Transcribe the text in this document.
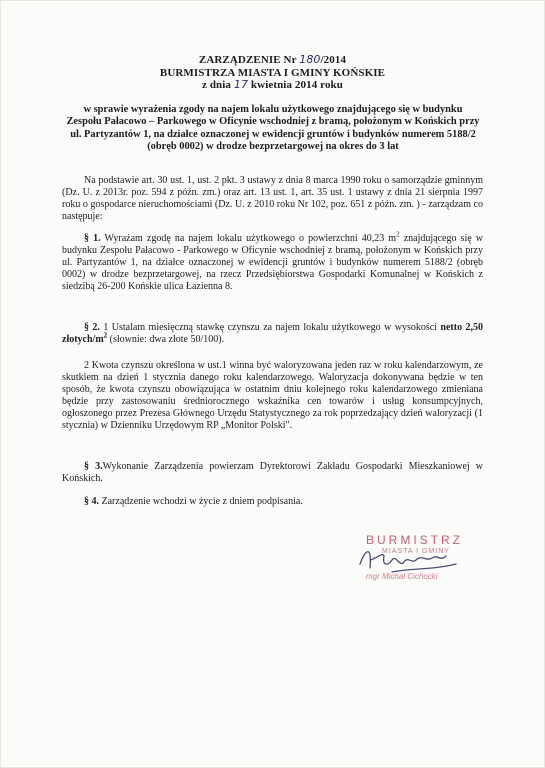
ZARZĄDZENIE Nr 180/2014
BURMISTRZA MIASTA I GMINY KOŃSKIE
z dnia 17 kwietnia 2014 roku
w sprawie wyrażenia zgody na najem lokalu użytkowego znajdującego się w budynku Zespołu Pałacowo – Parkowego w Oficynie wschodniej z bramą, położonym w Końskich przy ul. Partyzantów 1, na działce oznaczonej w ewidencji gruntów i budynków numerem 5188/2 (obręb 0002) w drodze bezprzetargowej na okres do 3 lat
Na podstawie art. 30 ust. 1, ust. 2 pkt. 3 ustawy z dnia 8 marca 1990 roku o samorządzie gminnym (Dz. U. z 2013r. poz. 594 z późn. zm.) oraz art. 13 ust. 1, art. 35 ust. 1 ustawy z dnia 21 sierpnia 1997 roku o gospodarce nieruchomościami (Dz. U. z 2010 roku Nr 102, poz. 651 z późn. zm. ) - zarządzam co następuje:
§ 1. Wyrażam zgodę na najem lokalu użytkowego o powierzchni 40,23 $m^2$ znajdującego się w budynku Zespołu Pałacowo - Parkowego w Oficynie wschodniej z bramą, położonym w Końskich przy ul. Partyzantów 1, na działce oznaczonej w ewidencji gruntów i budynków numerem 5188/2 (obręb 0002) w drodze bezprzetargowej, na rzecz Przedsiębiorstwa Gospodarki Komunalnej w Końskich z siedzibą 26-200 Końskie ulica Łazienna 8.
§ 2. 1 Ustalam miesięczną stawkę czynszu za najem lokalu użytkowego w wysokości netto 2,50 złotych/$m^2$ (słownie: dwa złote 50/100).
2 Kwota czynszu określona w ust.1 winna być waloryzowana jeden raz w roku kalendarzowym, ze skutkiem na dzień 1 stycznia danego roku kalendarzowego. Waloryzacja dokonywana będzie w ten sposób, że kwota czynszu obowiązująca w ostatnim dniu kolejnego roku kalendarzowego zmieniana będzie przy zastosowaniu średniorocznego wskaźnika cen towarów i usług konsumpcyjnych, ogłoszonego przez Prezesa Głównego Urzędu Statystycznego za rok poprzedzający dzień waloryzacji (1 stycznia) w Dzienniku Urzędowym RP „Monitor Polski".
§ 3.Wykonanie Zarządzenia powierzam Dyrektorowi Zakładu Gospodarki Mieszkaniowej w Końskich.
§ 4. Zarządzenie wchodzi w życie z dniem podpisania.
BURMISTRZ
MIASTA I GMINY
mgr Michał Cichocki
